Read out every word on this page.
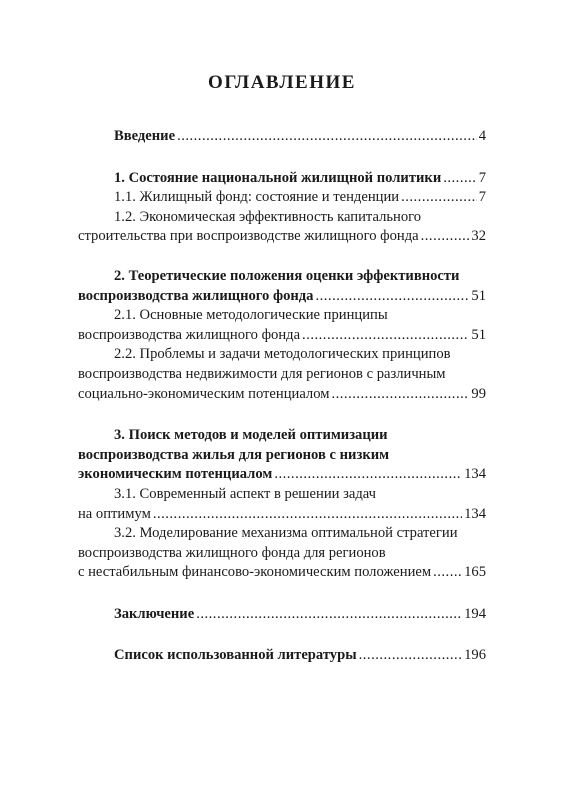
ОГЛАВЛЕНИЕ
Введение .....	4
1. Состояние национальной жилищной политики .....	7
1.1. Жилищный фонд: состояние и тенденции .....	7
1.2. Экономическая эффективность капитального
строительства при воспроизводстве жилищного фонда .....	32
2. Теоретические положения оценки эффективности
воспроизводства жилищного фонда .....	51
2.1. Основные методологические принципы
воспроизводства жилищного фонда .....	51
2.2. Проблемы и задачи методологических принципов
воспроизводства недвижимости для регионов с различным
социально-экономическим потенциалом .....	99
3. Поиск методов и моделей оптимизации
воспроизводства жилья для регионов с низким
экономическим потенциалом .....	134
3.1. Современный аспект в решении задач
на оптимум .....	134
3.2. Моделирование механизма оптимальной стратегии
воспроизводства жилищного фонда для регионов
с нестабильным финансово-экономическим положением ..... 165
Заключение .....	194
Список использованной литературы .....	196
